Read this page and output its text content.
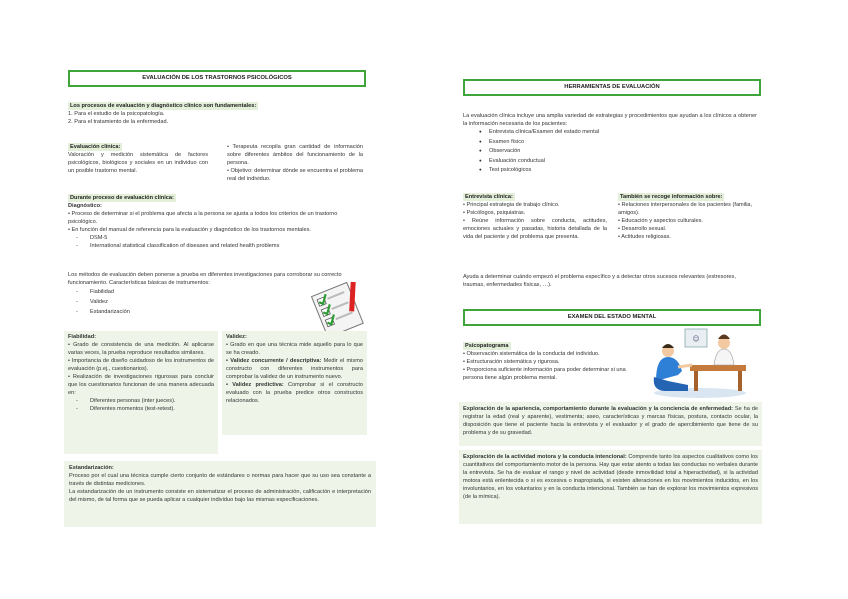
EVALUACIÓN DE LOS TRASTORNOS PSICOLÓGICOS
Los procesos de evaluación y diagnóstico clínico son fundamentales:

1. Para el estudio de la psicopatología.

2. Para el tratamiento de la enfermedad.

Evaluación clínica:

Valoración y medición sistemática de factores psicológicos, biológicos y sociales en un individuo con un posible trastorno mental.

• Terapeuta recopila gran cantidad de información sobre diferentes ámbitos del funcionamiento de la persona.

• Objetivo: determinar dónde se encuentra el problema real del individuo.

Durante proceso de evaluación clínica:

Diagnóstico:

• Proceso de determinar si el problema que afecta a la persona se ajusta a todos los criterios de un trastorno psicológico.

• En función del manual de referencia para la evaluación y diagnóstico de los trastornos mentales.

- DSM-5
- International statistical classification of diseases and related health problems

Los métodos de evaluación deben ponerse a prueba en diferentes investigaciones para corroborar su correcto funcionamiento. Características básicas de instrumentos:

- Fiabilidad
- Validez
- Estandarización

Fiabilidad:

• Grado de consistencia de una medición. Al aplicarse varias veces, la prueba reproduce resultados similares.

• Importancia de diseño cuidadoso de los instrumentos de evaluación (p.ej., cuestionarios).

• Realización de investigaciones rigurosas para concluir que los cuestionarios funcionan de una manera adecuada en:

- Diferentes personas (inter jueces).
- Diferentes momentos (test-retest).

Validez:

• Grado en que una técnica mide aquello para lo que se ha creado.

• Validez concurrente / descriptiva: Medir el mismo constructo con diferentes instrumentos para comprobar la validez de un instrumento nuevo.

• Validez predictiva: Comprobar si el constructo evaluado con la prueba predice otros constructos relacionados.

Estandarización:

Proceso por el cual una técnica cumple cierto conjunto de estándares o normas para hacer que su uso sea constante a través de distintas mediciones.

La estandarización de un instrumento consiste en sistematizar el proceso de administración, calificación e interpretación del mismo, de tal forma que se pueda aplicar a cualquier individuo bajo las mismas especificaciones.

HERRAMIENTAS DE EVALUACIÓN

La evaluación clínica incluye una amplia variedad de estrategias y procedimientos que ayudan a los clínicos a obtener la información necesaria de los pacientes:

● Entrevista clínica/Examen del estado mental
● Examen físico
● Observación
● Evaluación conductual
● Test psicológicos
Entrevista clínica:

• Principal estrategia de trabajo clínico.

• Psicólogos, psiquiatras.

• Reúne información sobre conducta, actitudes, emociones actuales y pasadas, historia detallada de la vida del paciente y del problema que presenta.

También se recoge información sobre:

• Relaciones interpersonales de los pacientes (familia, amigos).

• Educación y aspectos culturales.

• Desarrollo sexual.

• Actitudes religiosas.

Ayuda a determinar cuándo empezó el problema específico y a detectar otros sucesos relevantes (estresores, traumas, enfermedades físicas, …).
EXAMEN DEL ESTADO MENTAL
Psicopatograma

• Observación sistemática de la conducta del individuo.

• Estructuración sistemática y rigurosa.

• Proporciona suficiente información para poder determinar si una persona tiene algún problema mental.

☺
Exploración de la apariencia, comportamiento durante la evaluación y la conciencia de enfermedad: Se ha de registrar la edad (real y aparente), vestimenta; aseo, características y marcas físicas, postura, contacto ocular, la disposición que tiene el paciente hacia la entrevista y el evaluador y el grado de apercibimiento que tiene de su problema y de su gravedad.
Exploración de la actividad motora y la conducta intencional: Comprende tanto los aspectos cualitativos como los cuantitativos del comportamiento motor de la persona. Hay que estar atento a todas las conductas no verbales durante la entrevista. Se ha de evaluar el rango y nivel de actividad (desde inmovilidad total a hiperactividad), si la actividad motora está enlentecida o si es excesiva o inapropiada, si existen alteraciones en los movimientos inducidos, en los involuntarios, en los voluntarios y en la conducta intencional. También se han de explorar los movimientos expresivos (de la mímica).
